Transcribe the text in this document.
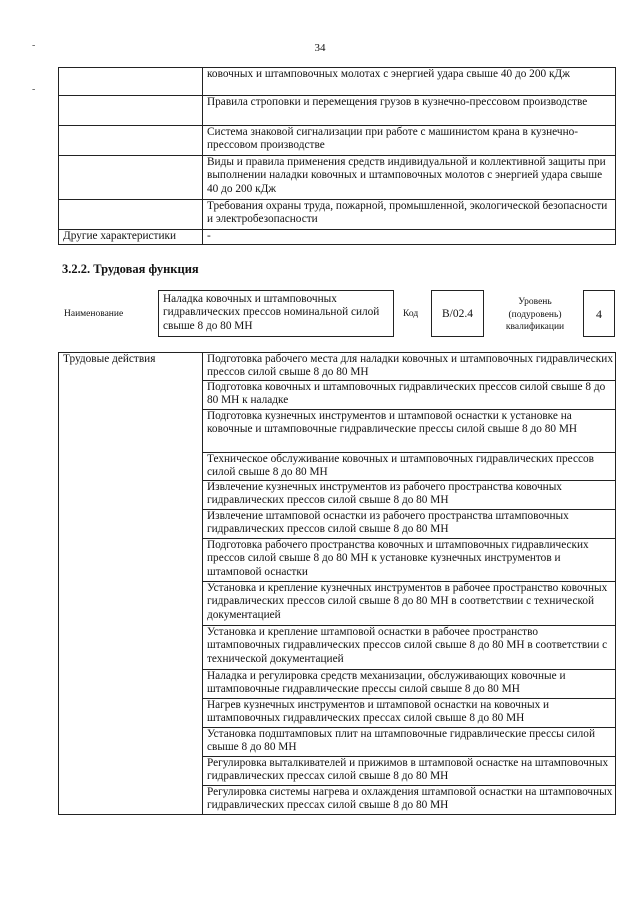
34
-
-
	ковочных и штамповочных молотах с энергией удара свыше 40 до 200 кДж
	Правила строповки и перемещения грузов в кузнечно-прессовом производстве
	Система знаковой сигнализации при работе с машинистом крана в кузнечно-прессовом производстве
	Виды и правила применения средств индивидуальной и коллективной защиты при выполнении наладки ковочных и штамповочных молотов с энергией удара свыше 40 до 200 кДж
	Требования охраны труда, пожарной, промышленной, экологической безопасности и электробезопасности
Другие характеристики	-
3.2.2. Трудовая функция
Наименование
Наладка ковочных и штамповочных гидравлических прессов номинальной силой свыше 8 до 80 МН
Код	B/02.4
Уровень (подуровень) квалификации
4
Трудовые действия	Подготовка рабочего места для наладки ковочных и штамповочных гидравлических прессов силой свыше 8 до 80 МН
Подготовка ковочных и штамповочных гидравлических прессов силой свыше 8 до 80 МН к наладке
Подготовка кузнечных инструментов и штамповой оснастки к установке на ковочные и штамповочные гидравлические прессы силой свыше 8 до 80 МН
Техническое обслуживание ковочных и штамповочных гидравлических прессов силой свыше 8 до 80 МН
Извлечение кузнечных инструментов из рабочего пространства ковочных гидравлических прессов силой свыше 8 до 80 МН
Извлечение штамповой оснастки из рабочего пространства штамповочных гидравлических прессов силой свыше 8 до 80 МН
Подготовка рабочего пространства ковочных и штамповочных гидравлических прессов силой свыше 8 до 80 МН к установке кузнечных инструментов и штамповой оснастки
Установка и крепление кузнечных инструментов в рабочее пространство ковочных гидравлических прессов силой свыше 8 до 80 МН в соответствии с технической документацией
Установка и крепление штамповой оснастки в рабочее пространство штамповочных гидравлических прессов силой свыше 8 до 80 МН в соответствии с технической документацией
Наладка и регулировка средств механизации, обслуживающих ковочные и штамповочные гидравлические прессы силой свыше 8 до 80 МН
Нагрев кузнечных инструментов и штамповой оснастки на ковочных и штамповочных гидравлических прессах силой свыше 8 до 80 МН
Установка подштамповых плит на штамповочные гидравлические прессы силой свыше 8 до 80 МН
Регулировка выталкивателей и прижимов в штамповой оснастке на штамповочных гидравлических прессах силой свыше 8 до 80 МН
Регулировка системы нагрева и охлаждения штамповой оснастки на штамповочных гидравлических прессах силой свыше 8 до 80 МН
